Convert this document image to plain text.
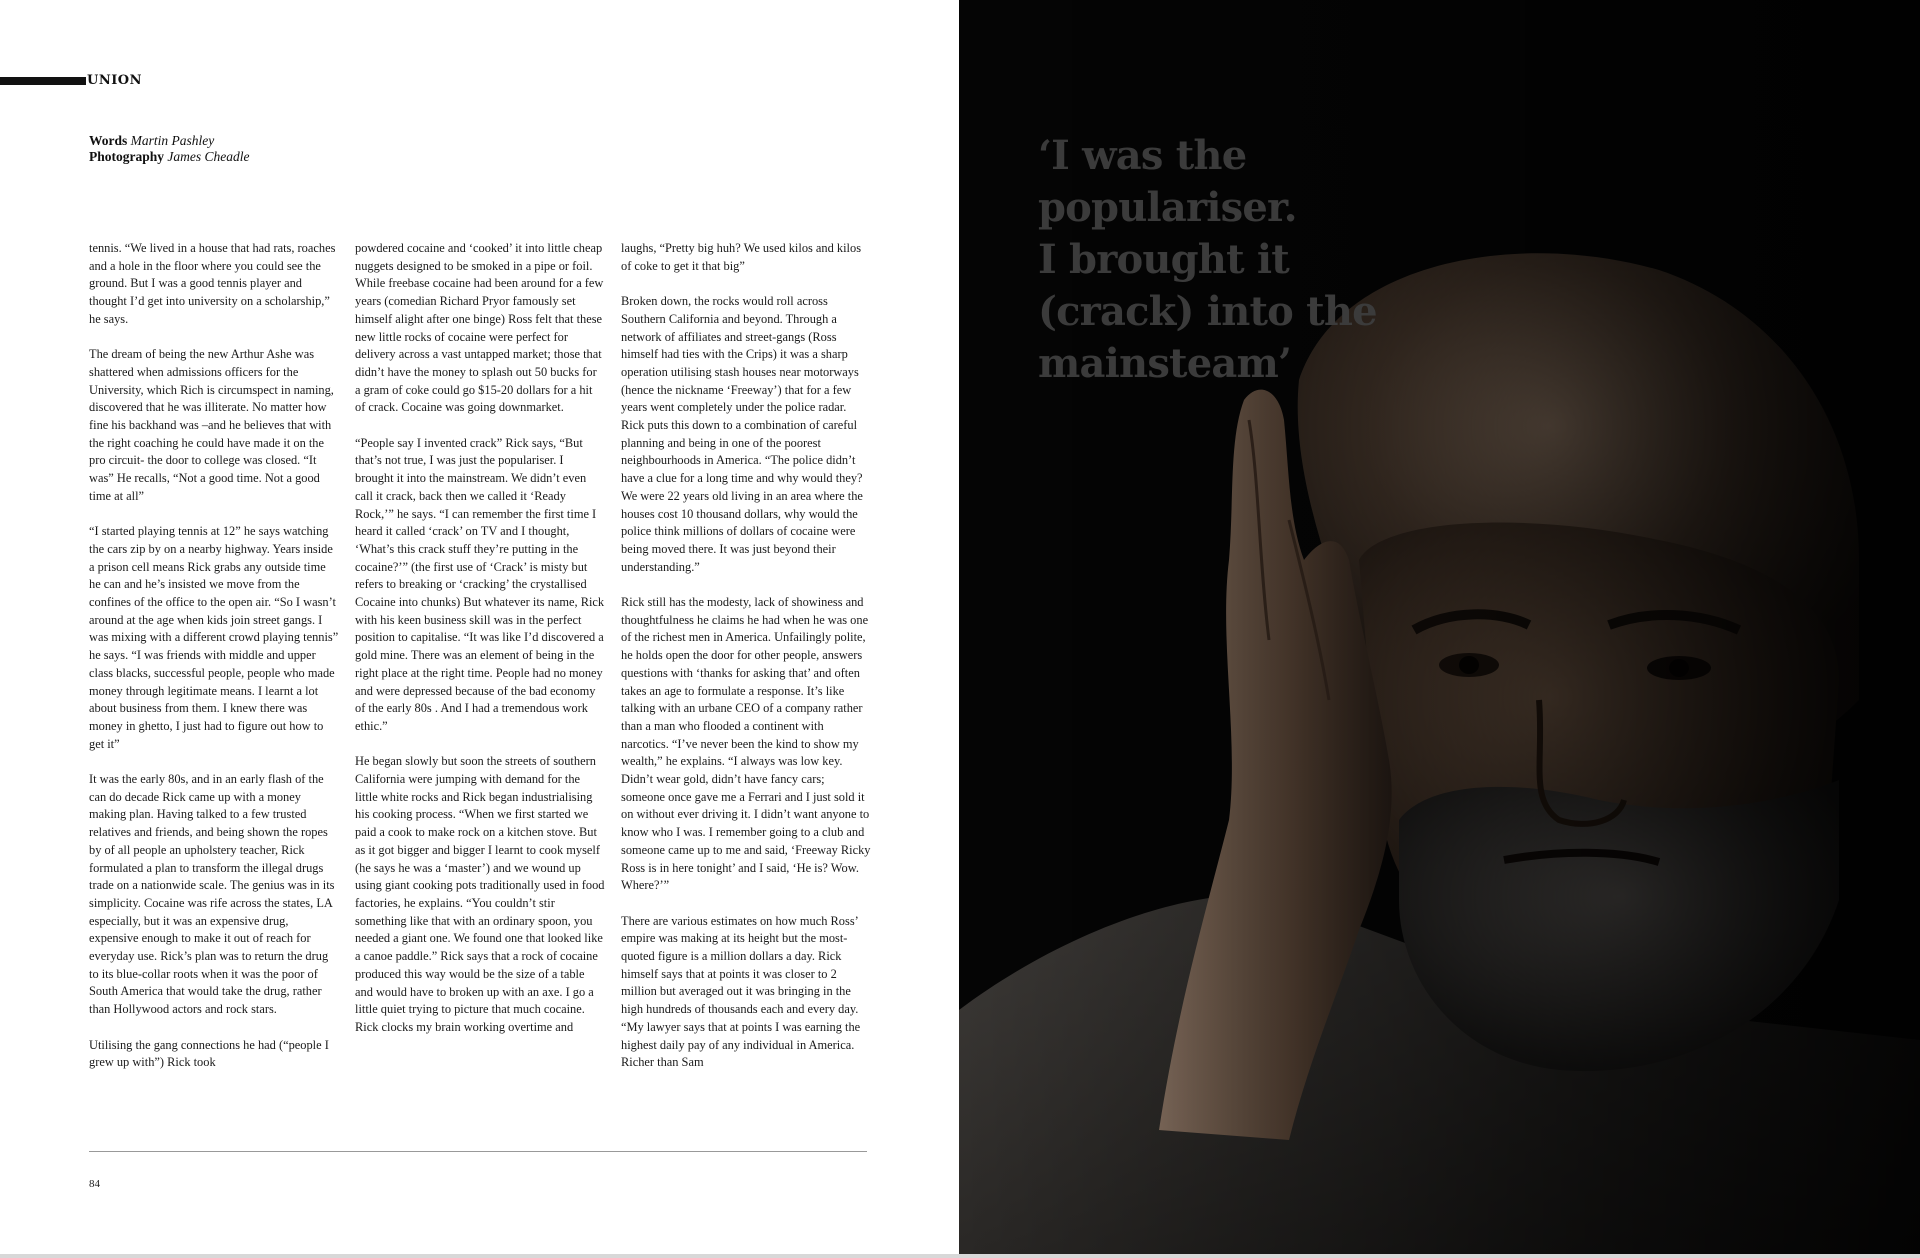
UNION
Words Martin Pashley
Photography James Cheadle

tennis. “We lived in a house that had rats, roaches and a hole in the floor where you could see the ground. But I was a good tennis player and thought I’d get into university on a scholarship,” he says.

The dream of being the new Arthur Ashe was shattered when admissions officers for the University, which Rich is circumspect in naming, discovered that he was illiterate. No matter how fine his backhand was –and he believes that with the right coaching he could have made it on the pro circuit- the door to college was closed. “It was” He recalls, “Not a good time. Not a good time at all”

“I started playing tennis at 12” he says watching the cars zip by on a nearby highway. Years inside a prison cell means Rick grabs any outside time he can and he’s insisted we move from the confines of the office to the open air. “So I wasn’t around at the age when kids join street gangs. I was mixing with a different crowd playing tennis” he says. “I was friends with middle and upper class blacks, successful people, people who made money through legitimate means. I learnt a lot about business from them. I knew there was money in ghetto, I just had to figure out how to get it”

It was the early 80s, and in an early flash of the can do decade Rick came up with a money making plan. Having talked to a few trusted relatives and friends, and being shown the ropes by of all people an upholstery teacher, Rick formulated a plan to transform the illegal drugs trade on a nationwide scale. The genius was in its simplicity. Cocaine was rife across the states, LA especially, but it was an expensive drug, expensive enough to make it out of reach for everyday use. Rick’s plan was to return the drug to its blue-collar roots when it was the poor of South America that would take the drug, rather than Hollywood actors and rock stars.

Utilising the gang connections he had (“people I grew up with”) Rick took

powdered cocaine and ‘cooked’ it into little cheap nuggets designed to be smoked in a pipe or foil. While freebase cocaine had been around for a few years (comedian Richard Pryor famously set himself alight after one binge) Ross felt that these new little rocks of cocaine were perfect for delivery across a vast untapped market; those that didn’t have the money to splash out 50 bucks for a gram of coke could go $15-20 dollars for a hit of crack. Cocaine was going downmarket.

“People say I invented crack” Rick says, “But that’s not true, I was just the populariser. I brought it into the mainstream. We didn’t even call it crack, back then we called it ‘Ready Rock,’” he says. “I can remember the first time I heard it called ‘crack’ on TV and I thought, ‘What’s this crack stuff they’re putting in the cocaine?’” (the first use of ‘Crack’ is misty but refers to breaking or ‘cracking’ the crystallised Cocaine into chunks) But whatever its name, Rick with his keen business skill was in the perfect position to capitalise. “It was like I’d discovered a gold mine. There was an element of being in the right place at the right time. People had no money and were depressed because of the bad economy of the early 80s . And I had a tremendous work ethic.”

He began slowly but soon the streets of southern California were jumping with demand for the little white rocks and Rick began industrialising his cooking process. “When we first started we paid a cook to make rock on a kitchen stove. But as it got bigger and bigger I learnt to cook myself (he says he was a ‘master’) and we wound up using giant cooking pots traditionally used in food factories, he explains. “You couldn’t stir something like that with an ordinary spoon, you needed a giant one. We found one that looked like a canoe paddle.” Rick says that a rock of cocaine produced this way would be the size of a table and would have to broken up with an axe. I go a little quiet trying to picture that much cocaine. Rick clocks my brain working overtime and

laughs, “Pretty big huh? We used kilos and kilos of coke to get it that big”

Broken down, the rocks would roll across Southern California and beyond. Through a network of affiliates and street-gangs (Ross himself had ties with the Crips) it was a sharp operation utilising stash houses near motorways (hence the nickname ‘Freeway’) that for a few years went completely under the police radar. Rick puts this down to a combination of careful planning and being in one of the poorest neighbourhoods in America. “The police didn’t have a clue for a long time and why would they? We were 22 years old living in an area where the houses cost 10 thousand dollars, why would the police think millions of dollars of cocaine were being moved there. It was just beyond their understanding.”

Rick still has the modesty, lack of showiness and thoughtfulness he claims he had when he was one of the richest men in America. Unfailingly polite, he holds open the door for other people, answers questions with ‘thanks for asking that’ and often takes an age to formulate a response. It’s like talking with an urbane CEO of a company rather than a man who flooded a continent with narcotics. “I’ve never been the kind to show my wealth,” he explains. “I always was low key. Didn’t wear gold, didn’t have fancy cars; someone once gave me a Ferrari and I just sold it on without ever driving it. I didn’t want anyone to know who I was. I remember going to a club and someone came up to me and said, ‘Freeway Ricky Ross is in here tonight’ and I said, ‘He is? Wow. Where?’”

There are various estimates on how much Ross’ empire was making at its height but the most-quoted figure is a million dollars a day. Rick himself says that at points it was closer to 2 million but averaged out it was bringing in the high hundreds of thousands each and every day. “My lawyer says that at points I was earning the highest daily pay of any individual in America. Richer than Sam

84
‘I was the
populariser.
I brought it
(crack) into the
mainsteam’
